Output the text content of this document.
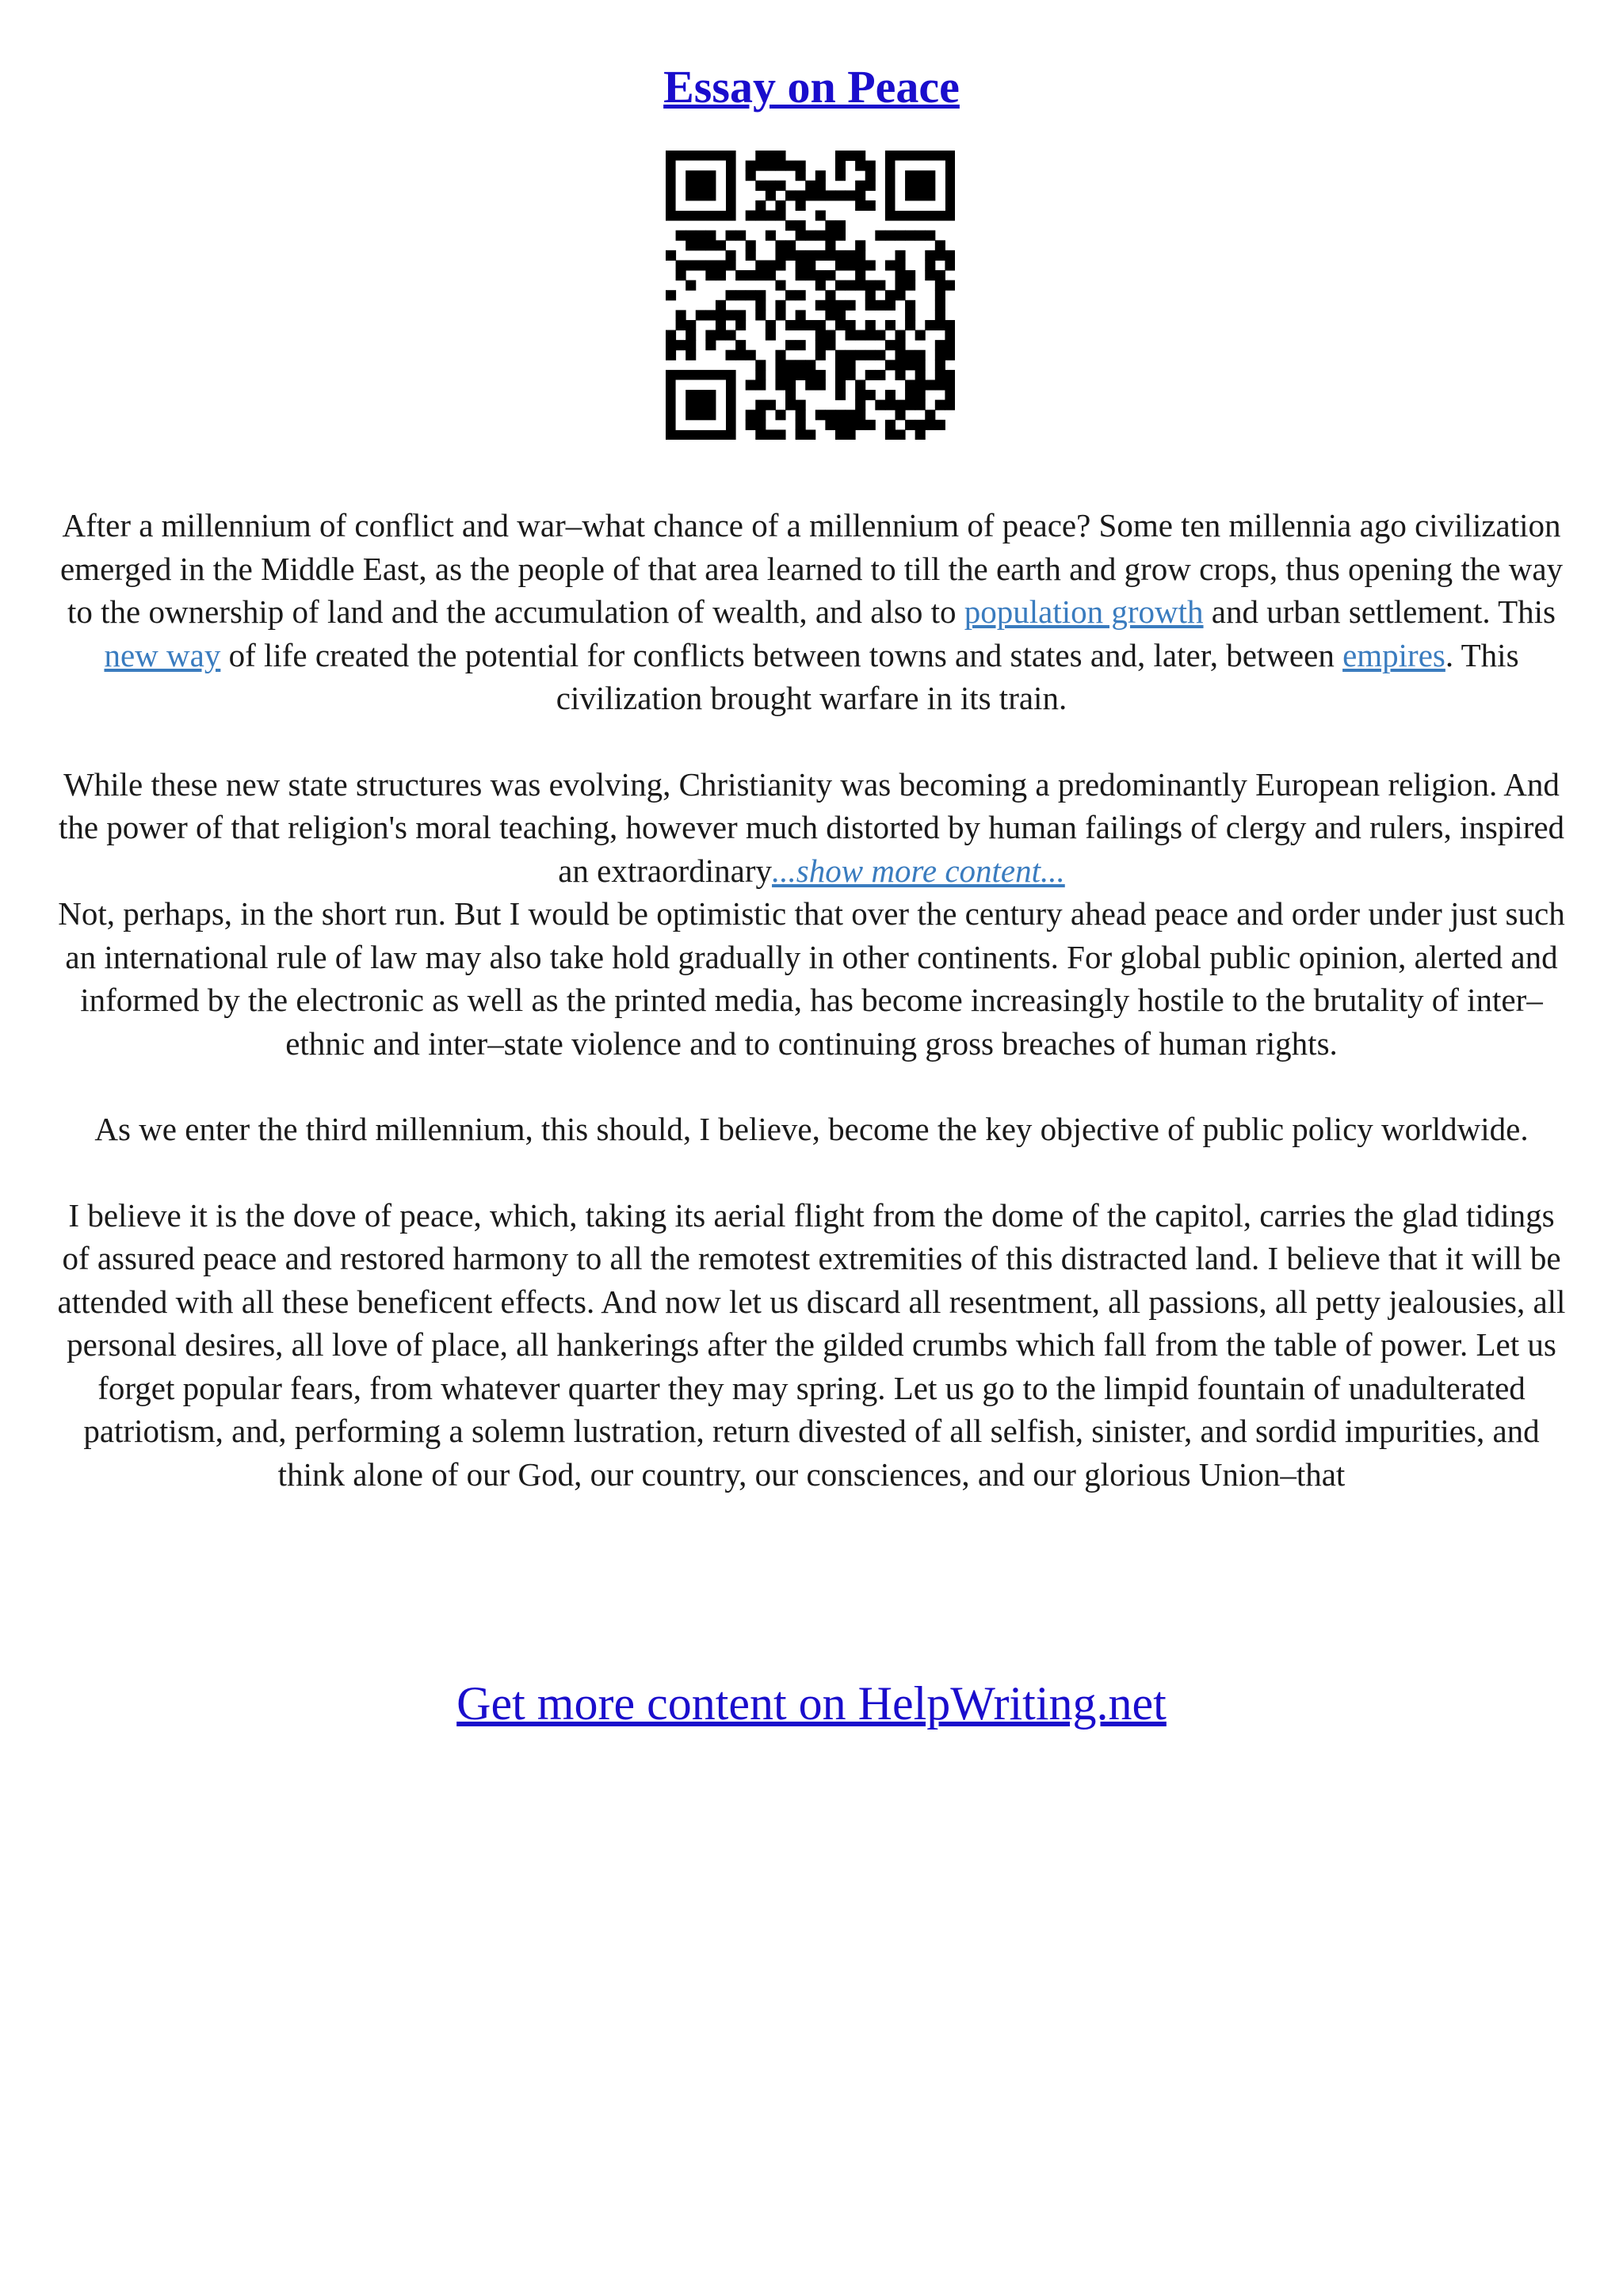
Essay on Peace

After a millennium of conflict and war–what chance of a millennium of peace? Some ten millennia ago civilization emerged in the Middle East, as the people of that area learned to till the earth and grow crops, thus opening the way to the ownership of land and the accumulation of wealth, and also to population growth and urban settlement. This new way of life created the potential for conflicts between towns and states and, later, between empires. This civilization brought warfare in its train.

While these new state structures was evolving, Christianity was becoming a predominantly European religion. And the power of that religion's moral teaching, however much distorted by human failings of clergy and rulers, inspired an extraordinary...show more content...

Not, perhaps, in the short run. But I would be optimistic that over the century ahead peace and order under just such an international rule of law may also take hold gradually in other continents. For global public opinion, alerted and informed by the electronic as well as the printed media, has become increasingly hostile to the brutality of inter–ethnic and inter–state violence and to continuing gross breaches of human rights.

As we enter the third millennium, this should, I believe, become the key objective of public policy worldwide.

I believe it is the dove of peace, which, taking its aerial flight from the dome of the capitol, carries the glad tidings of assured peace and restored harmony to all the remotest extremities of this distracted land. I believe that it will be attended with all these beneficent effects. And now let us discard all resentment, all passions, all petty jealousies, all personal desires, all love of place, all hankerings after the gilded crumbs which fall from the table of power. Let us forget popular fears, from whatever quarter they may spring. Let us go to the limpid fountain of unadulterated patriotism, and, performing a solemn lustration, return divested of all selfish, sinister, and sordid impurities, and think alone of our God, our country, our consciences, and our glorious Union–that

Get more content on HelpWriting.net
